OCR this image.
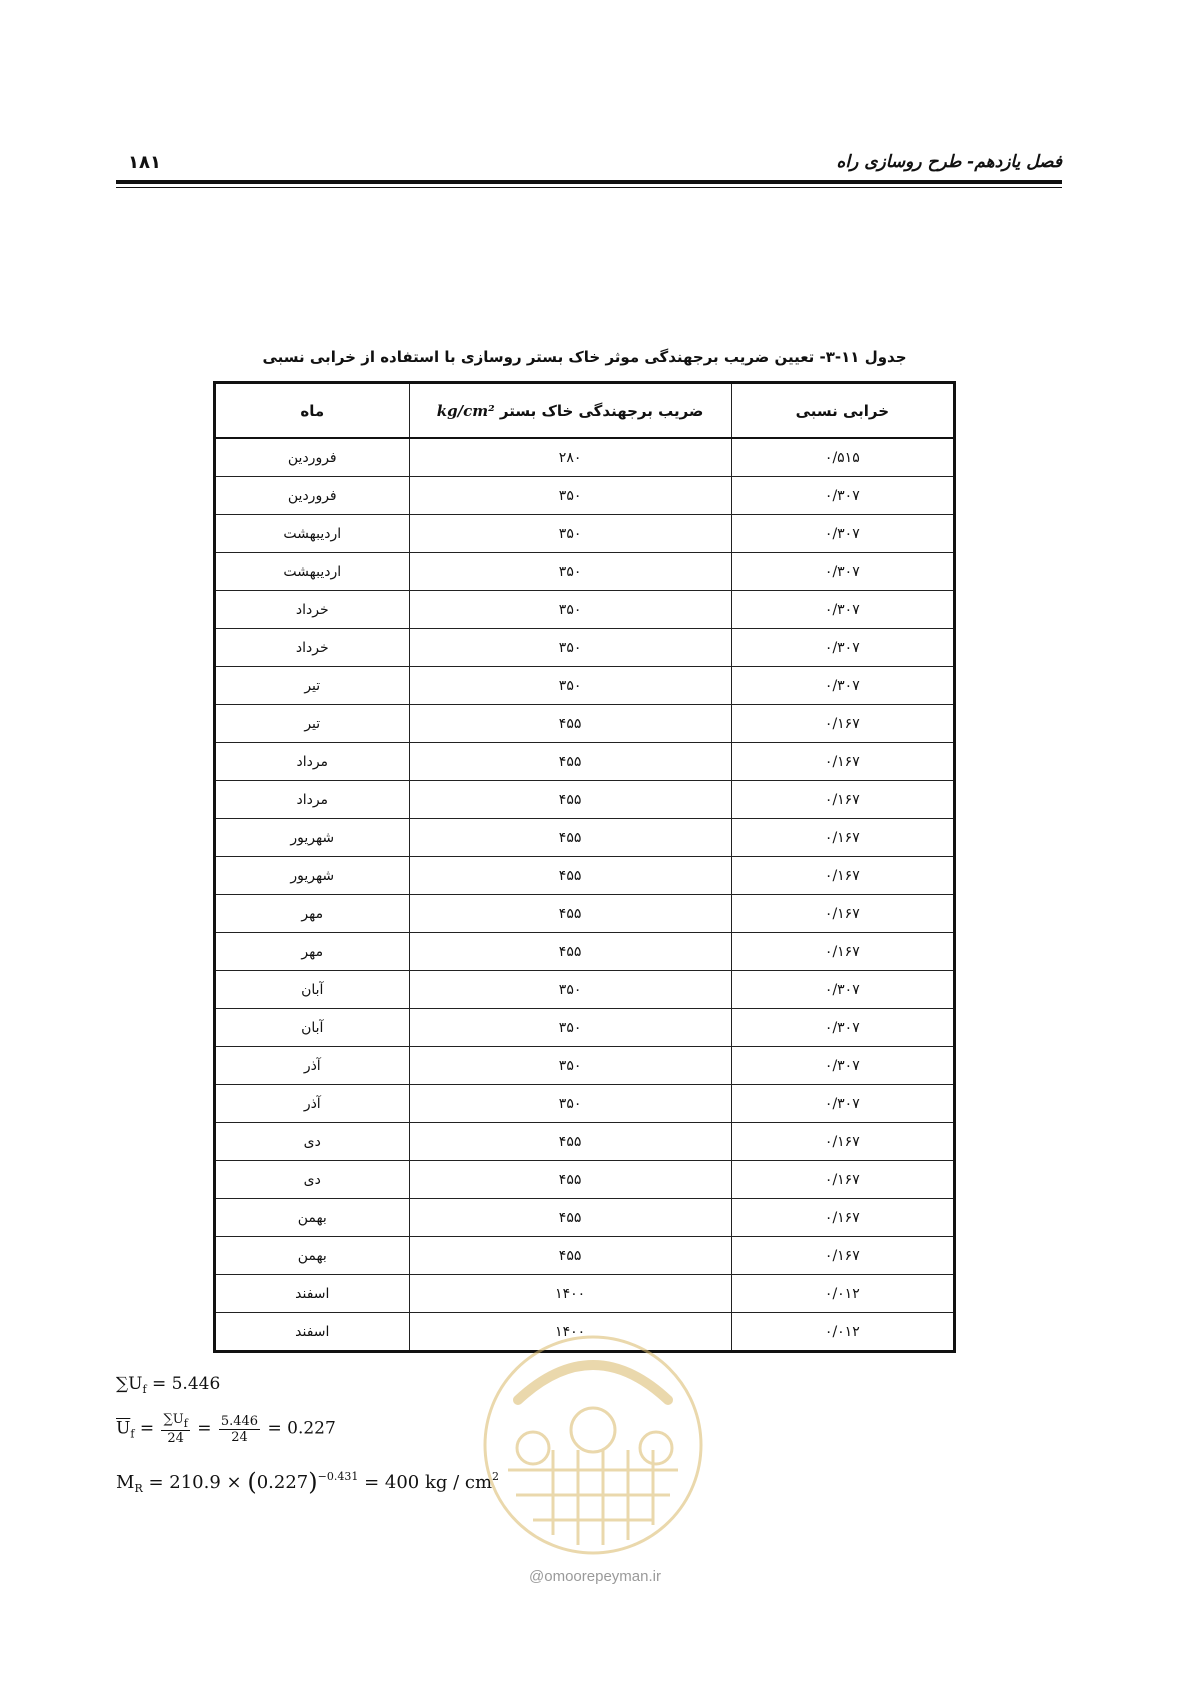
فصل یازدهم- طرح روسازی راه
۱۸۱
جدول ۱۱-۳- تعیین ضریب برجهندگی موثر خاک بستر روسازی با استفاده از خرابی نسبی
خرابی نسبی	ضریب برجهندگی خاک بستر kg/cm²	ماه
۰/۵۱۵	۲۸۰	فروردین
۰/۳۰۷	۳۵۰	فروردین
۰/۳۰۷	۳۵۰	اردیبهشت
۰/۳۰۷	۳۵۰	اردیبهشت
۰/۳۰۷	۳۵۰	خرداد
۰/۳۰۷	۳۵۰	خرداد
۰/۳۰۷	۳۵۰	تیر
۰/۱۶۷	۴۵۵	تیر
۰/۱۶۷	۴۵۵	مرداد
۰/۱۶۷	۴۵۵	مرداد
۰/۱۶۷	۴۵۵	شهریور
۰/۱۶۷	۴۵۵	شهریور
۰/۱۶۷	۴۵۵	مهر
۰/۱۶۷	۴۵۵	مهر
۰/۳۰۷	۳۵۰	آبان
۰/۳۰۷	۳۵۰	آبان
۰/۳۰۷	۳۵۰	آذر
۰/۳۰۷	۳۵۰	آذر
۰/۱۶۷	۴۵۵	دی
۰/۱۶۷	۴۵۵	دی
۰/۱۶۷	۴۵۵	بهمن
۰/۱۶۷	۴۵۵	بهمن
۰/۰۱۲	۱۴۰۰	اسفند
۰/۰۱۲	۱۴۰۰	اسفند
$\sum U_f = 5.446$
$\overline{U}_f = \frac{\sum U_f}{24} = \frac{5.446}{24} = 0.227$
$M_R = 210.9 \times (0.227)^{-0.431} = 400$ kg / $cm^2$
@omoorepeyman.ir
